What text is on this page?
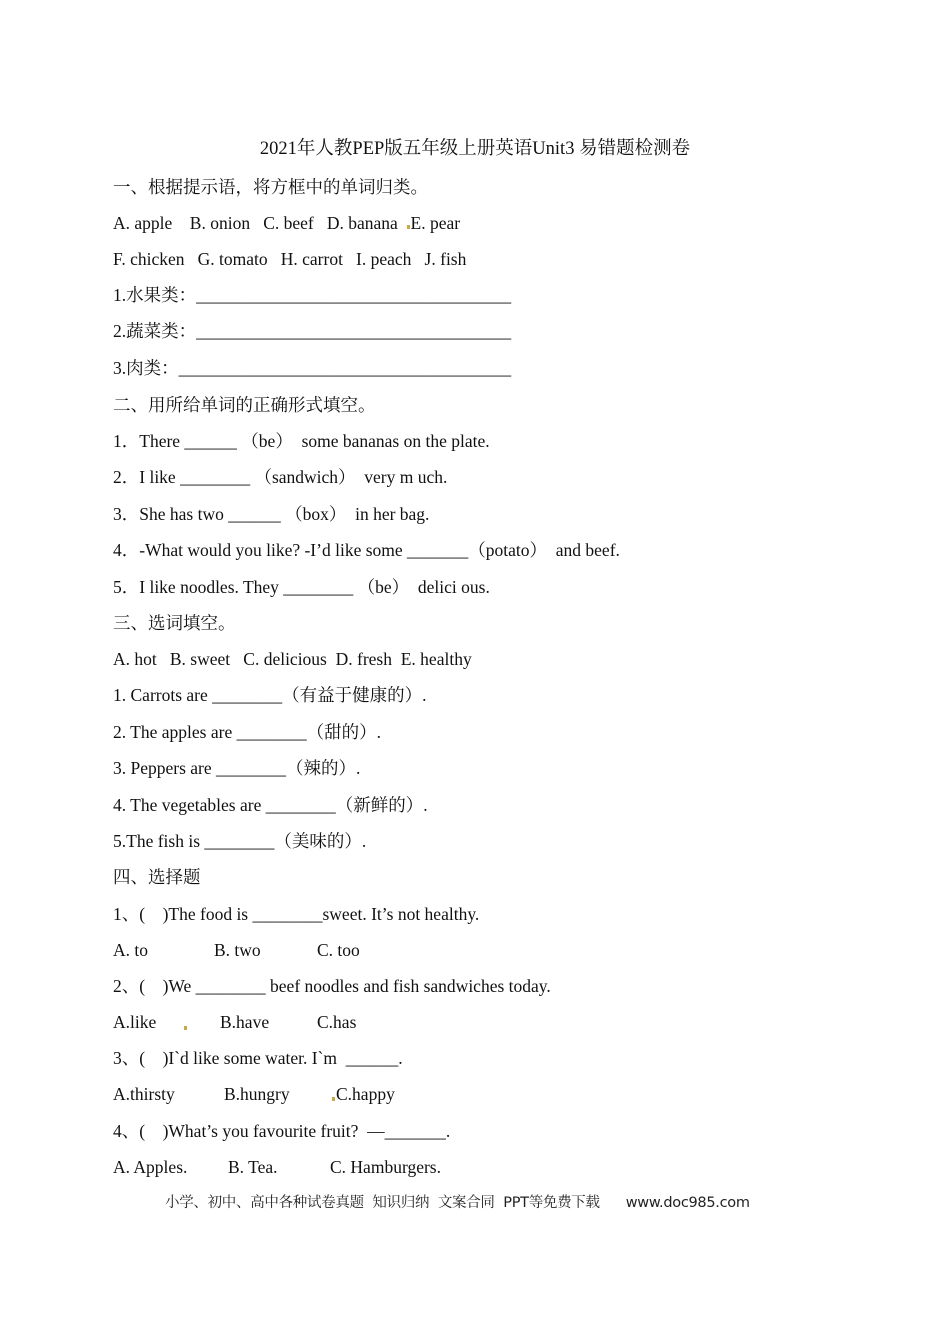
2021年人教PEP版五年级上册英语Unit3 易错题检测卷
一、根据提示语，将方框中的单词归类。
A. apple    B. onion   C. beef   D. banana  E. pear
F. chicken   G. tomato   H. carrot   I. peach   J. fish
1.水果类：____________________________________
2.蔬菜类：____________________________________
3.肉类：______________________________________
二、用所给单词的正确形式填空。
1．There ______ （be）  some bananas on the plate.
2．I like ________ （sandwich）  very m uch.
3．She has two ______ （box）  in her bag.
4．-What would you like? -I’d like some _______（potato）  and beef.
5．I like noodles. They ________ （be）  delici ous.
三、选词填空。
A. hot   B. sweet   C. delicious  D. fresh  E. healthy
1. Carrots are ________（有益于健康的）.
2. The apples are ________（甜的）.
3. Peppers are ________（辣的）.
4. The vegetables are ________（新鲜的）.
5.The fish is ________（美味的）.
四、选择题
1、(    )The food is ________sweet. It’s not healthy.
A. to	B. two	C. too
2、(    )We ________ beef noodles and fish sandwiches today.
A.like	B.have	C.has
3、(    )I`d like some water. I`m  ______.
A.thirsty	B.hungry	C.happy
4、(    )What’s you favourite fruit?  —_______.
A. Apples. B. Tea.	C. Hamburgers.
小学、初中、高中各种试卷真题  知识归纳  文案合同  PPT等免费下载 www.doc985.com
